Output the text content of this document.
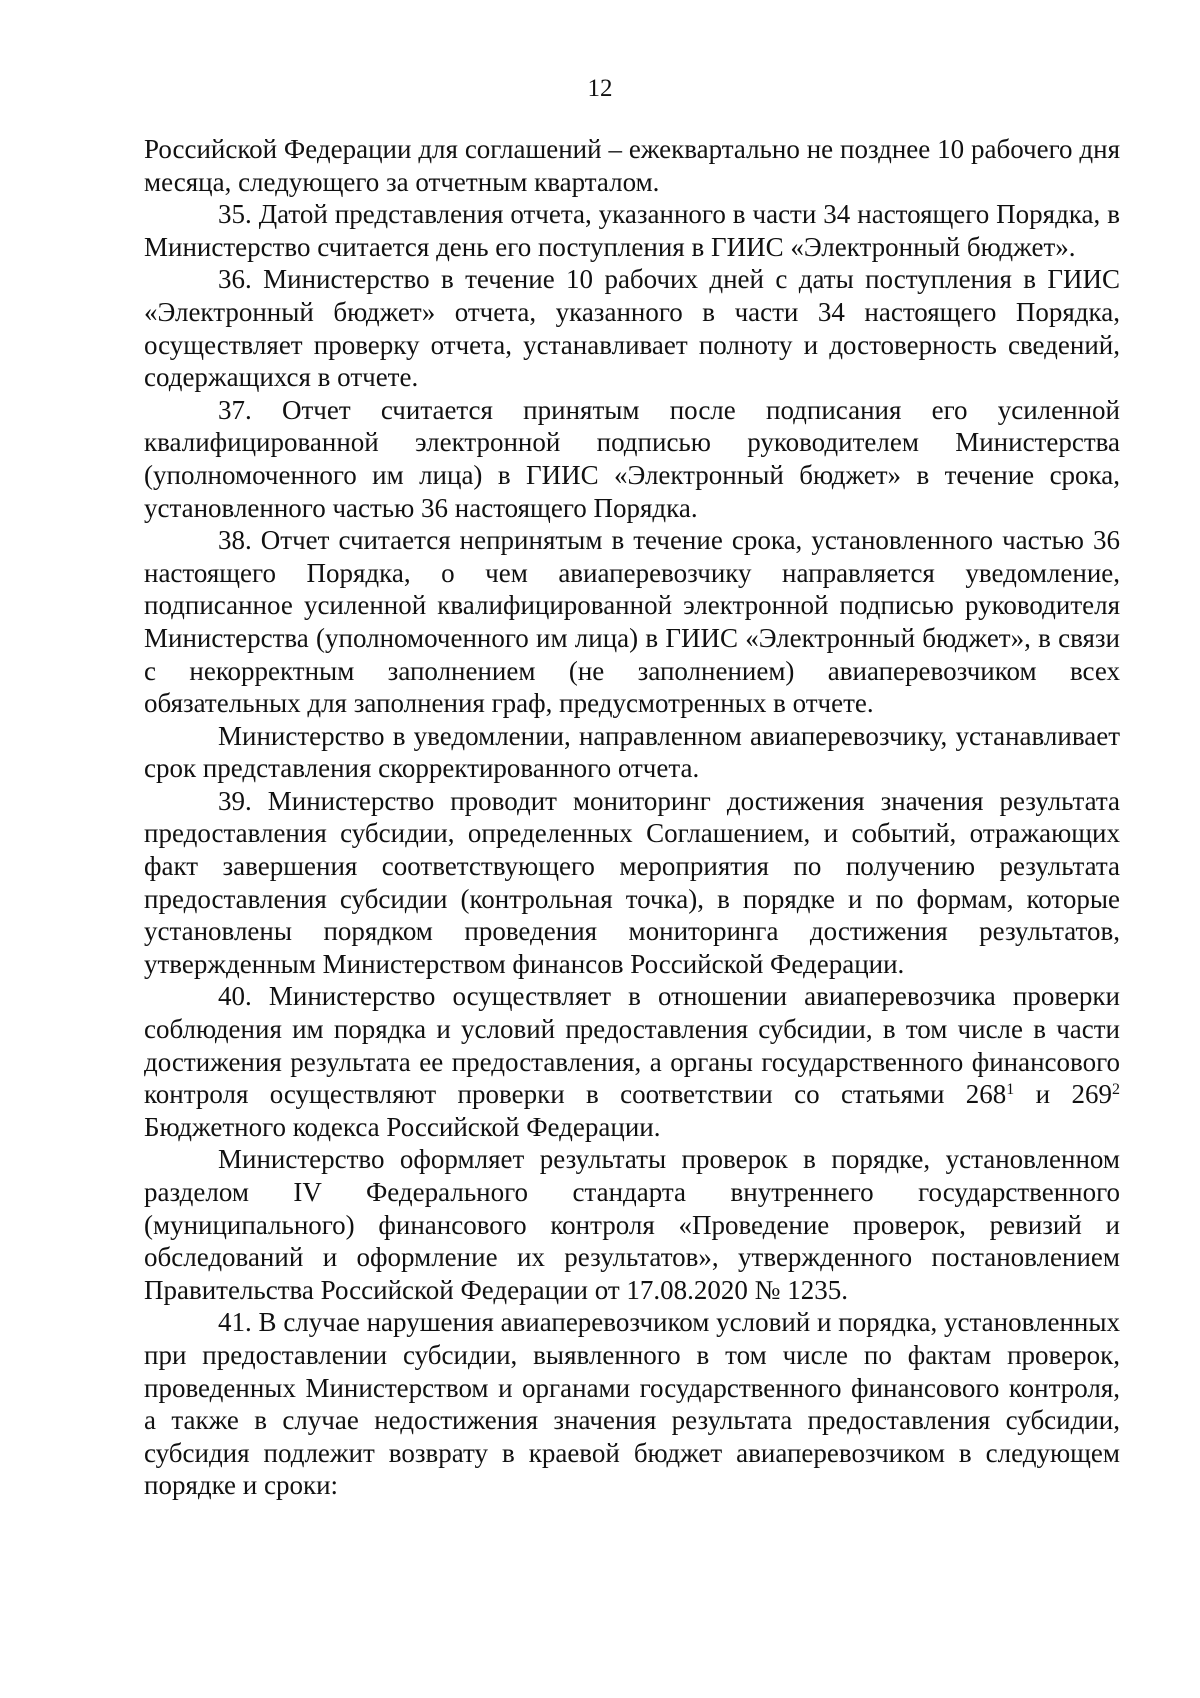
12

Российской Федерации для соглашений – ежеквартально не позднее 10 рабочего дня месяца, следующего за отчетным кварталом.

35. Датой представления отчета, указанного в части 34 настоящего Порядка, в Министерство считается день его поступления в ГИИС «Электронный бюджет».

36. Министерство в течение 10 рабочих дней с даты поступления в ГИИС «Электронный бюджет» отчета, указанного в части 34 настоящего Порядка, осуществляет проверку отчета, устанавливает полноту и достоверность сведений, содержащихся в отчете.

37. Отчет считается принятым после подписания его усиленной квалифицированной электронной подписью руководителем Министерства (уполномоченного им лица) в ГИИС «Электронный бюджет» в течение срока, установленного частью 36 настоящего Порядка.

38. Отчет считается непринятым в течение срока, установленного частью 36 настоящего Порядка, о чем авиаперевозчику направляется уведомление, подписанное усиленной квалифицированной электронной подписью руководителя Министерства (уполномоченного им лица) в ГИИС «Электронный бюджет», в связи с некорректным заполнением (не заполнением) авиаперевозчиком всех обязательных для заполнения граф, предусмотренных в отчете.

Министерство в уведомлении, направленном авиаперевозчику, устанавливает срок представления скорректированного отчета.

39. Министерство проводит мониторинг достижения значения результата предоставления субсидии, определенных Соглашением, и событий, отражающих факт завершения соответствующего мероприятия по получению результата предоставления субсидии (контрольная точка), в порядке и по формам, которые установлены порядком проведения мониторинга достижения результатов, утвержденным Министерством финансов Российской Федерации.

40. Министерство осуществляет в отношении авиаперевозчика проверки соблюдения им порядка и условий предоставления субсидии, в том числе в части достижения результата ее предоставления, а органы государственного финансового контроля осуществляют проверки в соответствии со статьями $268^1$ и $269^2$ Бюджетного кодекса Российской Федерации.

Министерство оформляет результаты проверок в порядке, установленном разделом IV Федерального стандарта внутреннего государственного (муниципального) финансового контроля «Проведение проверок, ревизий и обследований и оформление их результатов», утвержденного постановлением Правительства Российской Федерации от 17.08.2020 № 1235.

41. В случае нарушения авиаперевозчиком условий и порядка, установленных при предоставлении субсидии, выявленного в том числе по фактам проверок, проведенных Министерством и органами государственного финансового контроля, а также в случае недостижения значения результата предоставления субсидии, субсидия подлежит возврату в краевой бюджет авиаперевозчиком в следующем порядке и сроки:
